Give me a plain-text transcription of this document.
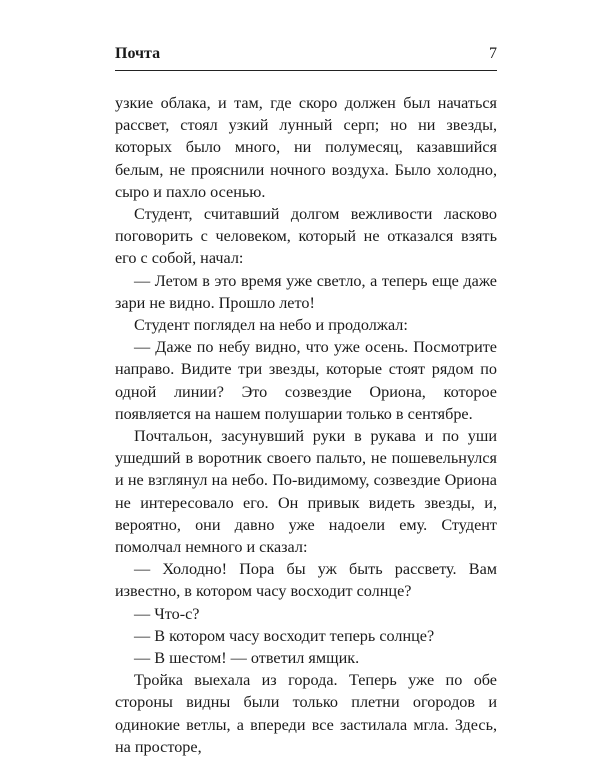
Почта	7

узкие облака, и там, где скоро должен был начаться рассвет, стоял узкий лунный серп; но ни звезды, которых было много, ни полумесяц, казавшийся белым, не прояснили ночного воздуха. Было холодно, сыро и пахло осенью.

Студент, считавший долгом вежливости ласково поговорить с человеком, который не отказался взять его с собой, начал:

— Летом в это время уже светло, а теперь еще даже зари не видно. Прошло лето!

Студент поглядел на небо и продолжал:

— Даже по небу видно, что уже осень. Посмотрите направо. Видите три звезды, которые стоят рядом по одной линии? Это созвездие Ориона, которое появляется на нашем полушарии только в сентябре.

Почтальон, засунувший руки в рукава и по уши ушедший в воротник своего пальто, не пошевельнулся и не взглянул на небо. По-видимому, созвездие Ориона не интересовало его. Он привык видеть звезды, и, вероятно, они давно уже надоели ему. Студент помолчал немного и сказал:

— Холодно! Пора бы уж быть рассвету. Вам известно, в котором часу восходит солнце?

— Что-с?

— В котором часу восходит теперь солнце?

— В шестом! — ответил ямщик.

Тройка выехала из города. Теперь уже по обе стороны видны были только плетни огородов и одинокие ветлы, а впереди все застилала мгла. Здесь, на просторе,
